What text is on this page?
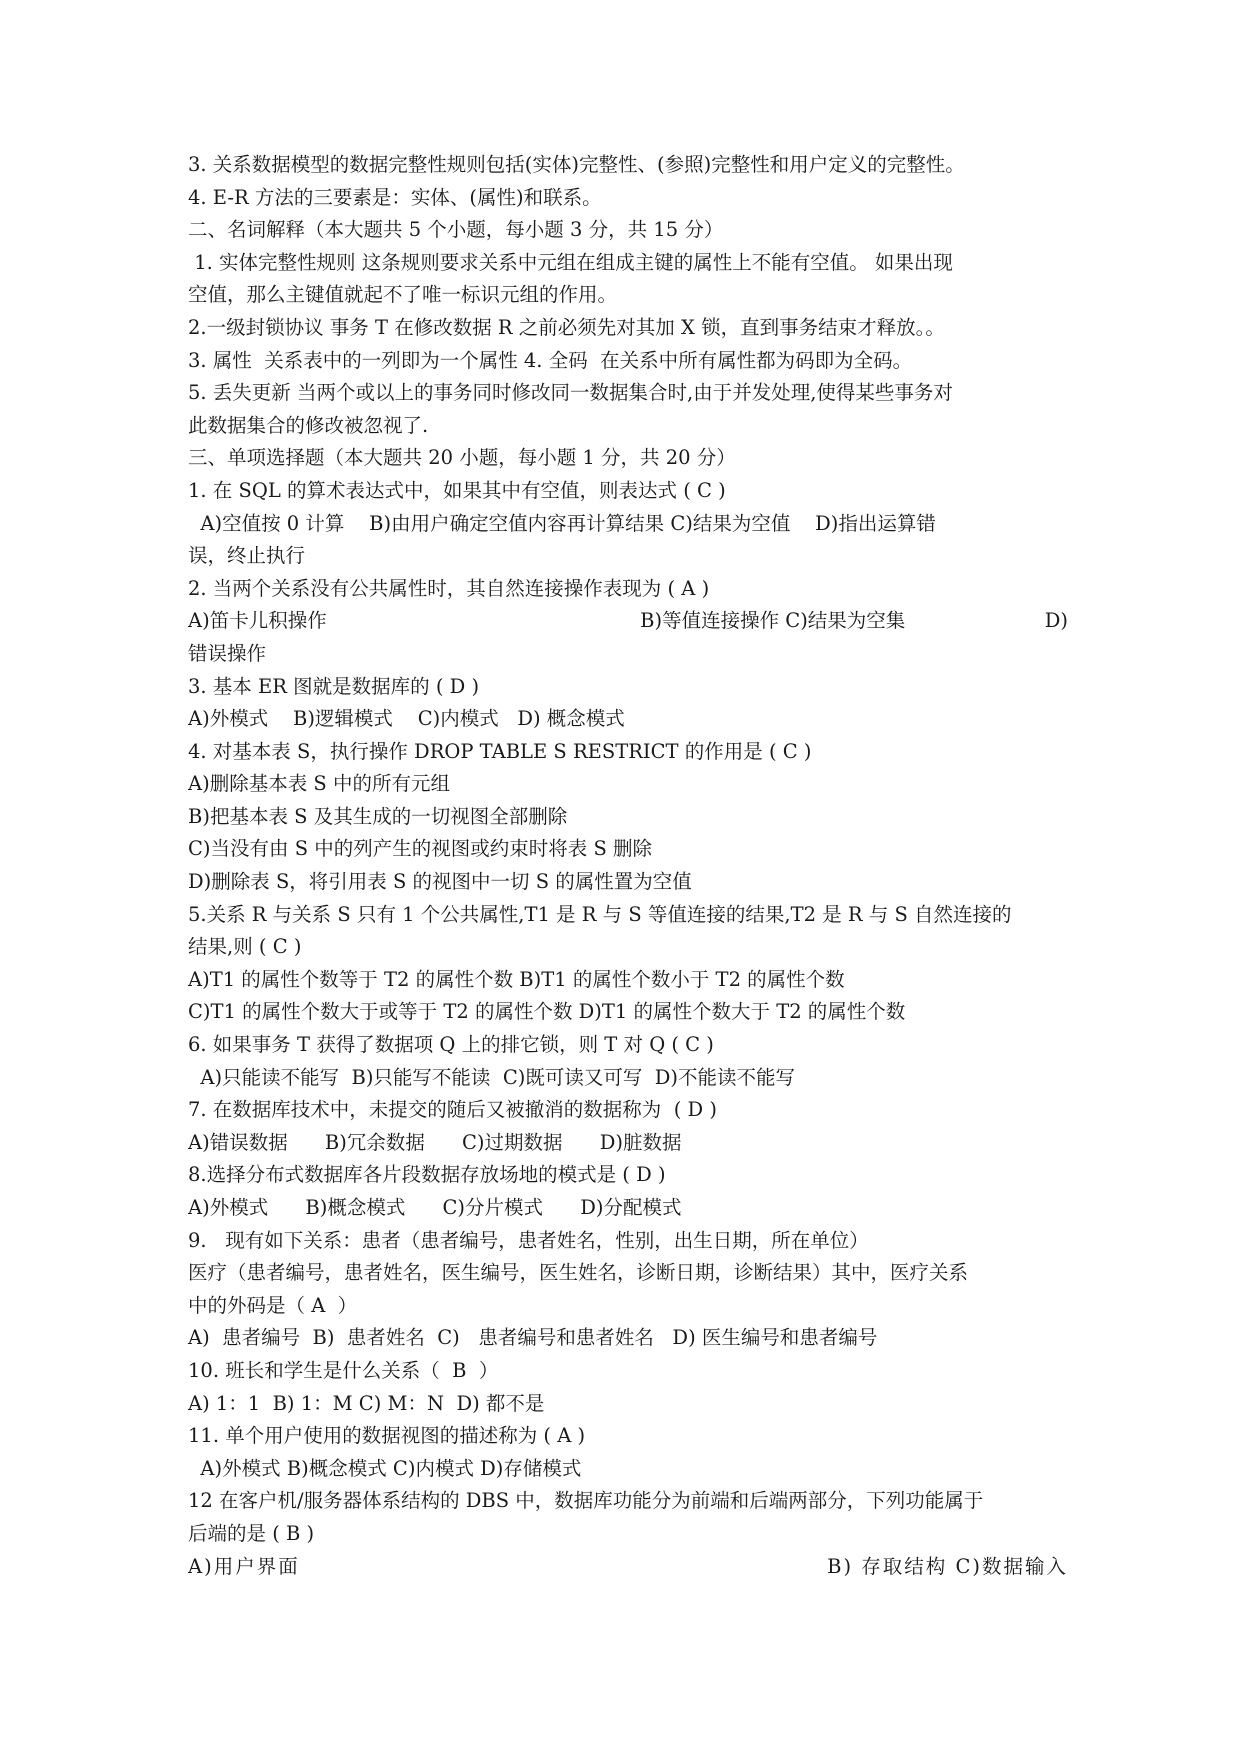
3. 关系数据模型的数据完整性规则包括(实体)完整性、(参照)完整性和用户定义的完整性。
4. E-R 方法的三要素是：实体、(属性)和联系。
二、名词解释（本大题共 5 个小题，每小题 3 分，共 15 分）
1. 实体完整性规则 这条规则要求关系中元组在组成主键的属性上不能有空值。 如果出现
空值，那么主键值就起不了唯一标识元组的作用。
2.一级封锁协议 事务 T 在修改数据 R 之前必须先对其加 X 锁，直到事务结束才释放。。
3. 属性  关系表中的一列即为一个属性 4. 全码  在关系中所有属性都为码即为全码。
5. 丢失更新 当两个或以上的事务同时修改同一数据集合时,由于并发处理,使得某些事务对
此数据集合的修改被忽视了.
三、单项选择题（本大题共 20 小题，每小题 1 分，共 20 分）
1. 在 SQL 的算术表达式中，如果其中有空值，则表达式 ( C )
A)空值按 0 计算    B)由用户确定空值内容再计算结果 C)结果为空值    D)指出运算错
误，终止执行
2. 当两个关系没有公共属性时，其自然连接操作表现为 ( A )
A)笛卡儿积操作	B)等值连接操作 C)结果为空集	D)
错误操作
3. 基本 ER 图就是数据库的 ( D )
A)外模式    B)逻辑模式    C)内模式   D) 概念模式
4. 对基本表 S，执行操作 DROP TABLE S RESTRICT 的作用是 ( C )
A)删除基本表 S 中的所有元组
B)把基本表 S 及其生成的一切视图全部删除
C)当没有由 S 中的列产生的视图或约束时将表 S 删除
D)删除表 S，将引用表 S 的视图中一切 S 的属性置为空值
5.关系 R 与关系 S 只有 1 个公共属性,T1 是 R 与 S 等值连接的结果,T2 是 R 与 S 自然连接的
结果,则 ( C )
A)T1 的属性个数等于 T2 的属性个数 B)T1 的属性个数小于 T2 的属性个数
C)T1 的属性个数大于或等于 T2 的属性个数 D)T1 的属性个数大于 T2 的属性个数
6. 如果事务 T 获得了数据项 Q 上的排它锁，则 T 对 Q ( C )
A)只能读不能写  B)只能写不能读  C)既可读又可写  D)不能读不能写
7. 在数据库技术中，未提交的随后又被撤消的数据称为  ( D )
A)错误数据      B)冗余数据      C)过期数据      D)脏数据
8.选择分布式数据库各片段数据存放场地的模式是 ( D )
A)外模式      B)概念模式      C)分片模式      D)分配模式
9.   现有如下关系：患者（患者编号，患者姓名，性别，出生日期，所在单位）
医疗（患者编号，患者姓名，医生编号，医生姓名，诊断日期，诊断结果）其中，医疗关系
中的外码是（ A  ）
A)  患者编号  B)  患者姓名  C)   患者编号和患者姓名   D) 医生编号和患者编号
10. 班长和学生是什么关系（  B  ）
A) 1：1  B) 1：M C) M：N  D) 都不是
11. 单个用户使用的数据视图的描述称为 ( A )
A)外模式 B)概念模式 C)内模式 D)存储模式
12 在客户机/服务器体系结构的 DBS 中，数据库功能分为前端和后端两部分，下列功能属于
后端的是 ( B )
A)用户界面	B) 存取结构 C)数据输入
